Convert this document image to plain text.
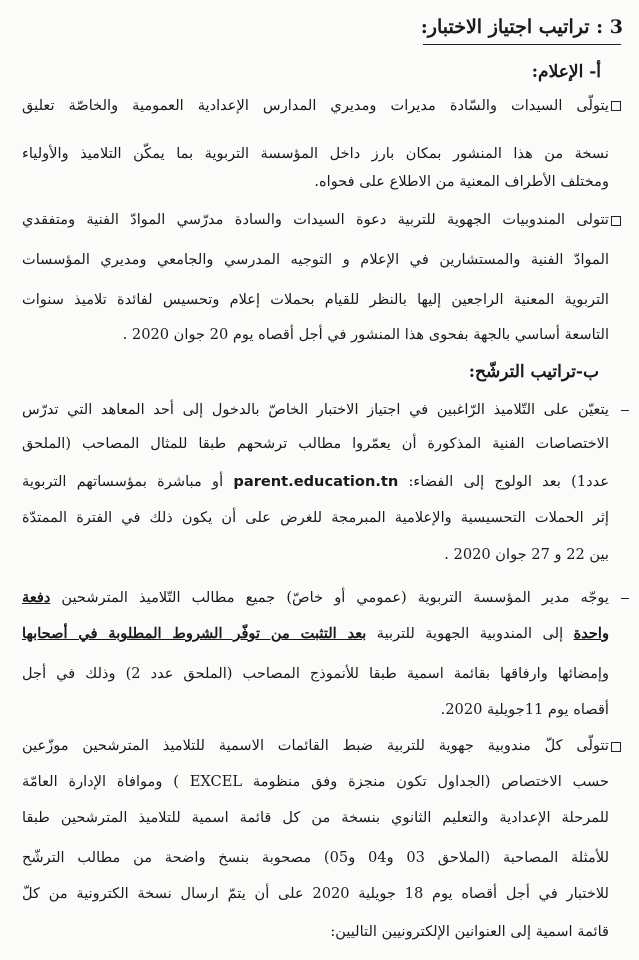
3 : تراتيب اجتياز الاختبار:
أ- الإعلام:
يتولّى السيدات والسّادة مديرات ومديري المدارس الإعدادية العمومية والخاصّة تعليق
نسخة من هذا المنشور بمكان بارز داخل المؤسسة التربوية بما يمكّن التلاميذ والأولياء
ومختلف الأطراف المعنية من الاطلاع على فحواه.
تتولى المندوبيات الجهوية للتربية دعوة السيدات والسادة مدرّسي الموادّ الفنية ومتفقدي
الموادّ الفنية والمستشارين في الإعلام و التوجيه المدرسي والجامعي ومديري المؤسسات
التربوية المعنية الراجعين إليها بالنظر للقيام بحملات إعلام وتحسيس لفائدة تلاميذ سنوات
التاسعة أساسي بالجهة بفحوى هذا المنشور في أجل أقصاه يوم 20 جوان 2020 .
ب-تراتيب الترشّح:
يتعيّن على التّلاميذ الرّاغبين في اجتياز الاختبار الخاصّ بالدخول إلى أحد المعاهد التي تدرّس
الاختصاصات الفنية المذكورة أن يعمّروا مطالب ترشحهم طبقا للمثال المصاحب (الملحق
عدد1) بعد الولوج إلى الفضاء: parent.education.tn أو مباشرة بمؤسساتهم التربوية
إثر الحملات التحسيسية والإعلامية المبرمجة للغرض على أن يكون ذلك في الفترة الممتدّة
بين 22 و 27 جوان 2020 .
يوجّه مدير المؤسسة التربوية (عمومي أو خاصّ) جميع مطالب التّلاميذ المترشحين دفعة
واحدة إلى المندوبية الجهوية للتربية بعد التثبت من توفّر الشروط المطلوبة في أصحابها
وإمضائها وارفاقها بقائمة اسمية طبقا للأنموذج المصاحب (الملحق عدد 2) وذلك في أجل
أقصاه يوم 11جويلية 2020.
تتولّى كلّ مندوبية جهوية للتربية ضبط القائمات الاسمية للتلاميذ المترشحين موزّعين
حسب الاختصاص (الجداول تكون منجزة وفق منظومة EXCEL ) وموافاة الإدارة العامّة
للمرحلة الإعدادية والتعليم الثانوي بنسخة من كل قائمة اسمية للتلاميذ المترشحين طبقا
للأمثلة المصاحبة (الملاحق 03 و04 و05) مصحوبة بنسخ واضحة من مطالب الترشّح
للاختبار في أجل أقصاه يوم 18 جويلية 2020 على أن يتمّ ارسال نسخة الكترونية من كلّ
قائمة اسمية إلى العنوانين الإلكترونيين التاليين:
